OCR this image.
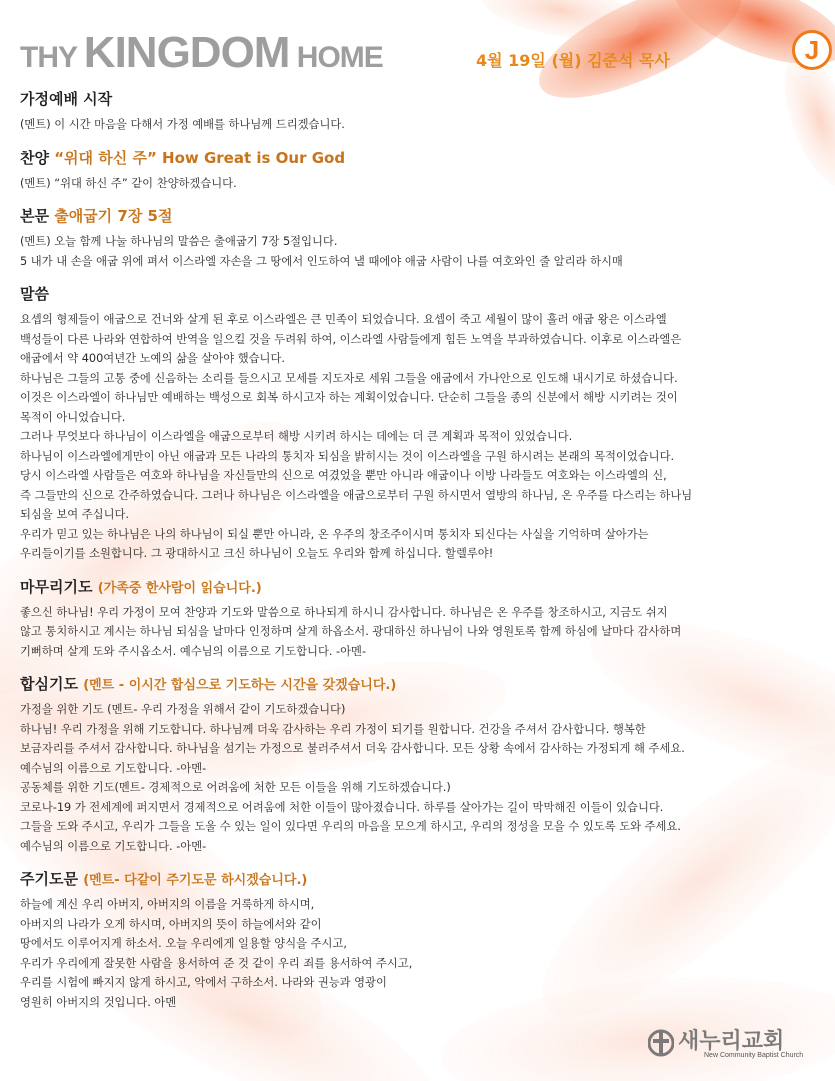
THY KINGDOM HOME	4월 19일 (월) 김준석 목사	J
가정예배 시작

(멘트) 이 시간 마음을 다해서 가정 예배를 하나님께 드리겠습니다.

찬양 “위대 하신 주” How Great is Our God

(멘트) “위대 하신 주” 같이 찬양하겠습니다.

본문 출애굽기 7장 5절

(멘트) 오늘 함께 나눌 하나님의 말씀은 출애굽기 7장 5절입니다.

5 내가 내 손을 애굽 위에 펴서 이스라엘 자손을 그 땅에서 인도하여 낼 때에야 애굽 사람이 나를 여호와인 줄 알리라 하시매

말씀

요셉의 형제들이 애굽으로 건너와 살게 된 후로 이스라엘은 큰 민족이 되었습니다. 요셉이 죽고 세월이 많이 흘러 애굽 왕은 이스라엘

백성들이 다른 나라와 연합하여 반역을 일으킬 것을 두려워 하여, 이스라엘 사람들에게 힘든 노역을 부과하였습니다. 이후로 이스라엘은

애굽에서 약 400여년간 노예의 삶을 살아야 했습니다.

하나님은 그들의 고통 중에 신음하는 소리를 들으시고 모세를 지도자로 세워 그들을 애굽에서 가나안으로 인도해 내시기로 하셨습니다.

이것은 이스라엘이 하나님만 예배하는 백성으로 회복 하시고자 하는 계획이었습니다. 단순히 그들을 종의 신분에서 해방 시키려는 것이

목적이 아니었습니다.

그러나 무엇보다 하나님이 이스라엘을 애굽으로부터 해방 시키려 하시는 데에는 더 큰 계획과 목적이 있었습니다.

하나님이 이스라엘에게만이 아닌 애굽과 모든 나라의 통치자 되심을 밝히시는 것이 이스라엘을 구원 하시려는 본래의 목적이었습니다.

당시 이스라엘 사람들은 여호와 하나님을 자신들만의 신으로 여겼었을 뿐만 아니라 애굽이나 이방 나라들도 여호와는 이스라엘의 신,

즉 그들만의 신으로 간주하였습니다. 그러나 하나님은 이스라엘을 애굽으로부터 구원 하시면서 열방의 하나님, 온 우주를 다스리는 하나님

되심을 보여 주십니다.

우리가 믿고 있는 하나님은 나의 하나님이 되실 뿐만 아니라, 온 우주의 창조주이시며 통치자 되신다는 사실을 기억하며 살아가는

우리들이기를 소원합니다. 그 광대하시고 크신 하나님이 오늘도 우리와 함께 하십니다. 할렐루야!

마무리기도 (가족중 한사람이 읽습니다.)

좋으신 하나님! 우리 가정이 모여 찬양과 기도와 말씀으로 하나되게 하시니 감사합니다. 하나님은 온 우주를 창조하시고, 지금도 쉬지

않고 통치하시고 계시는 하나님 되심을 날마다 인정하며 살게 하옵소서. 광대하신 하나님이 나와 영원토록 함께 하심에 날마다 감사하며

기뻐하며 살게 도와 주시옵소서. 예수님의 이름으로 기도합니다. -아멘-

합심기도 (멘트 - 이시간 합심으로 기도하는 시간을 갖겠습니다.)

가정을 위한 기도 (멘트- 우리 가정을 위해서 같이 기도하겠습니다)

하나님! 우리 가정을 위해 기도합니다. 하나님께 더욱 감사하는 우리 가정이 되기를 원합니다. 건강을 주셔서 감사합니다. 행복한

보금자리를 주셔서 감사합니다. 하나님을 섬기는 가정으로 불러주셔서 더욱 감사합니다. 모든 상황 속에서 감사하는 가정되게 해 주세요.

예수님의 이름으로 기도합니다. -아멘-

공동체를 위한 기도(멘트- 경제적으로 어려움에 처한 모든 이들을 위해 기도하겠습니다.)

코로나-19 가 전세계에 퍼지면서 경제적으로 어려움에 처한 이들이 많아졌습니다. 하루를 살아가는 길이 막막해진 이들이 있습니다.

그들을 도와 주시고, 우리가 그들을 도울 수 있는 일이 있다면 우리의 마음을 모으게 하시고, 우리의 정성을 모을 수 있도록 도와 주세요.

예수님의 이름으로 기도합니다. -아멘-

주기도문 (멘트- 다같이 주기도문 하시겠습니다.)

하늘에 계신 우리 아버지, 아버지의 이름을 거룩하게 하시며,

아버지의 나라가 오게 하시며, 아버지의 뜻이 하늘에서와 같이

땅에서도 이루어지게 하소서. 오늘 우리에게 일용할 양식을 주시고,

우리가 우리에게 잘못한 사람을 용서하여 준 것 같이 우리 죄를 용서하여 주시고,

우리를 시험에 빠지지 않게 하시고, 악에서 구하소서. 나라와 권능과 영광이

영원히 아버지의 것입니다. 아멘

새누리교회
New Community Baptist Church
